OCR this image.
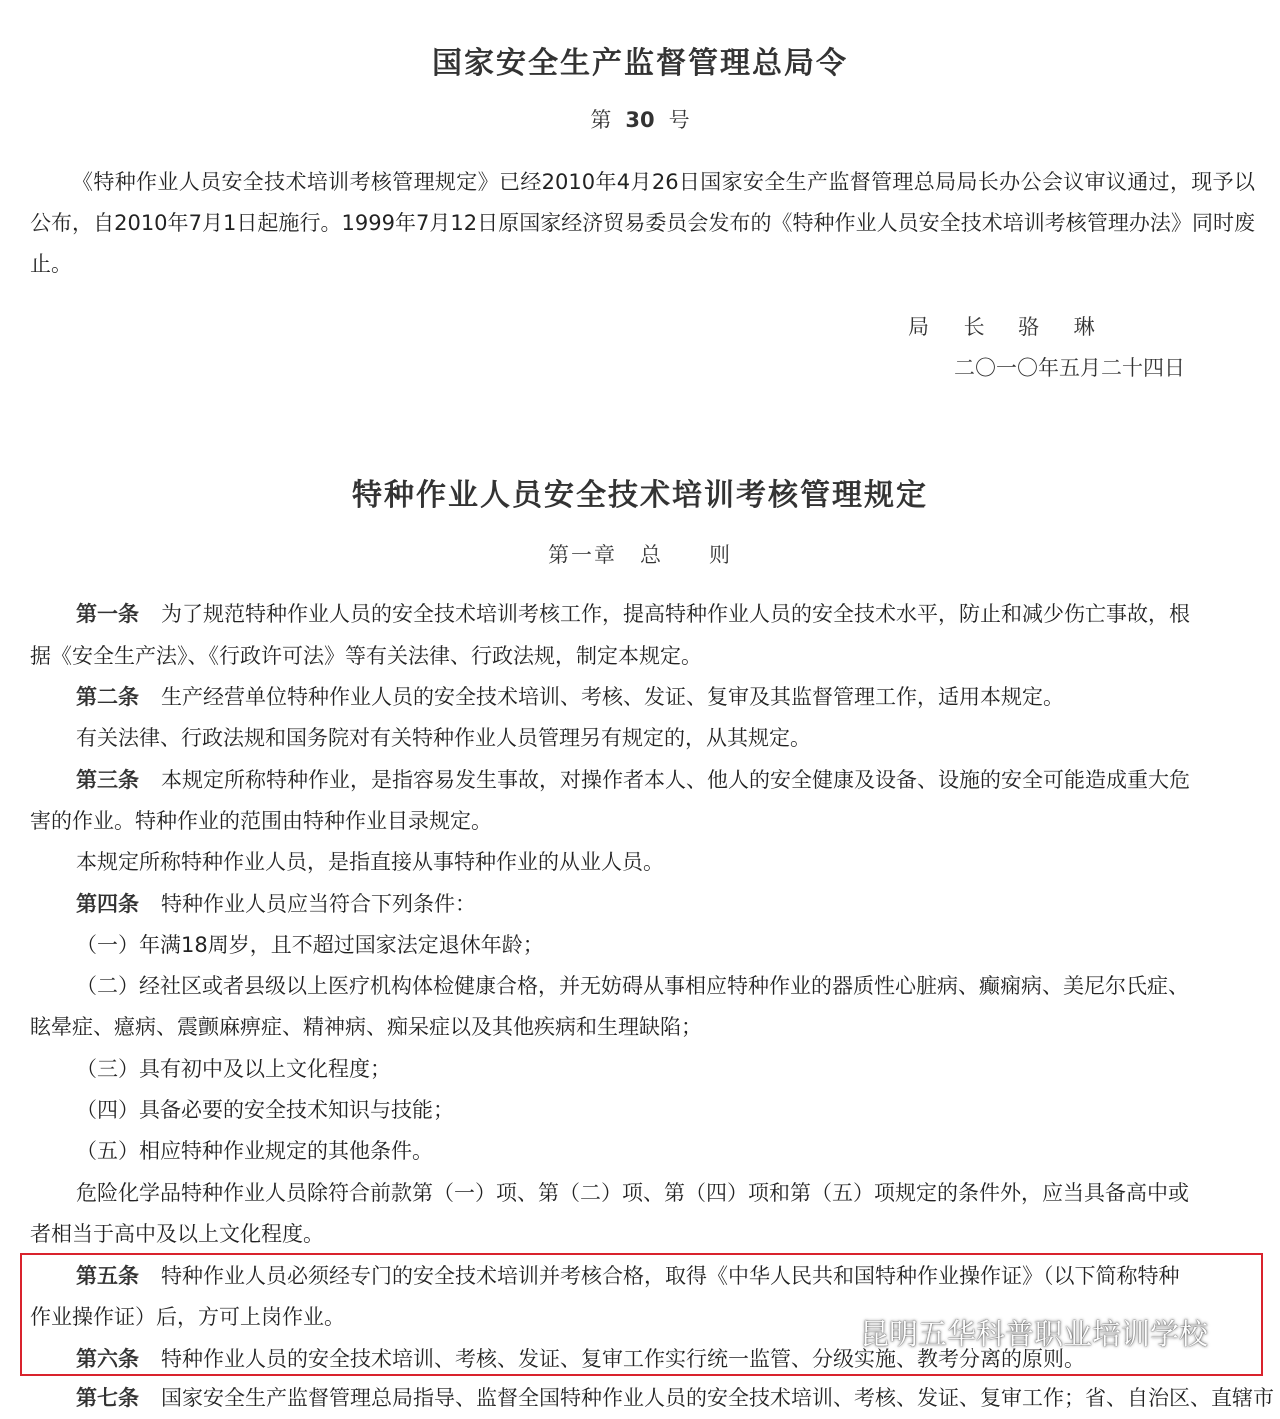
国家安全生产监督管理总局令
第 30 号
《特种作业人员安全技术培训考核管理规定》已经2010年4月26日国家安全生产监督管理总局局长办公会议审议通过，现予以公布，自2010年7月1日起施行。1999年7月12日原国家经济贸易委员会发布的《特种作业人员安全技术培训考核管理办法》同时废止。
局 长 骆 琳
二〇一〇年五月二十四日
特种作业人员安全技术培训考核管理规定
第一章　总　　则
第一条 为了规范特种作业人员的安全技术培训考核工作，提高特种作业人员的安全技术水平，防止和减少伤亡事故，根
据《安全生产法》、《行政许可法》等有关法律、行政法规，制定本规定。
第二条 生产经营单位特种作业人员的安全技术培训、考核、发证、复审及其监督管理工作，适用本规定。
有关法律、行政法规和国务院对有关特种作业人员管理另有规定的，从其规定。
第三条 本规定所称特种作业，是指容易发生事故，对操作者本人、他人的安全健康及设备、设施的安全可能造成重大危
害的作业。特种作业的范围由特种作业目录规定。
本规定所称特种作业人员，是指直接从事特种作业的从业人员。
第四条 特种作业人员应当符合下列条件：
（一）年满18周岁，且不超过国家法定退休年龄；
（二）经社区或者县级以上医疗机构体检健康合格，并无妨碍从事相应特种作业的器质性心脏病、癫痫病、美尼尔氏症、
眩晕症、癔病、震颤麻痹症、精神病、痴呆症以及其他疾病和生理缺陷；
（三）具有初中及以上文化程度；
（四）具备必要的安全技术知识与技能；
（五）相应特种作业规定的其他条件。
危险化学品特种作业人员除符合前款第（一）项、第（二）项、第（四）项和第（五）项规定的条件外，应当具备高中或
者相当于高中及以上文化程度。
第五条 特种作业人员必须经专门的安全技术培训并考核合格，取得《中华人民共和国特种作业操作证》（以下简称特种
作业操作证）后，方可上岗作业。
第六条 特种作业人员的安全技术培训、考核、发证、复审工作实行统一监管、分级实施、教考分离的原则。
第七条 国家安全生产监督管理总局指导、监督全国特种作业人员的安全技术培训、考核、发证、复审工作；省、自治区、直辖市
昆明五华科普职业培训学校
